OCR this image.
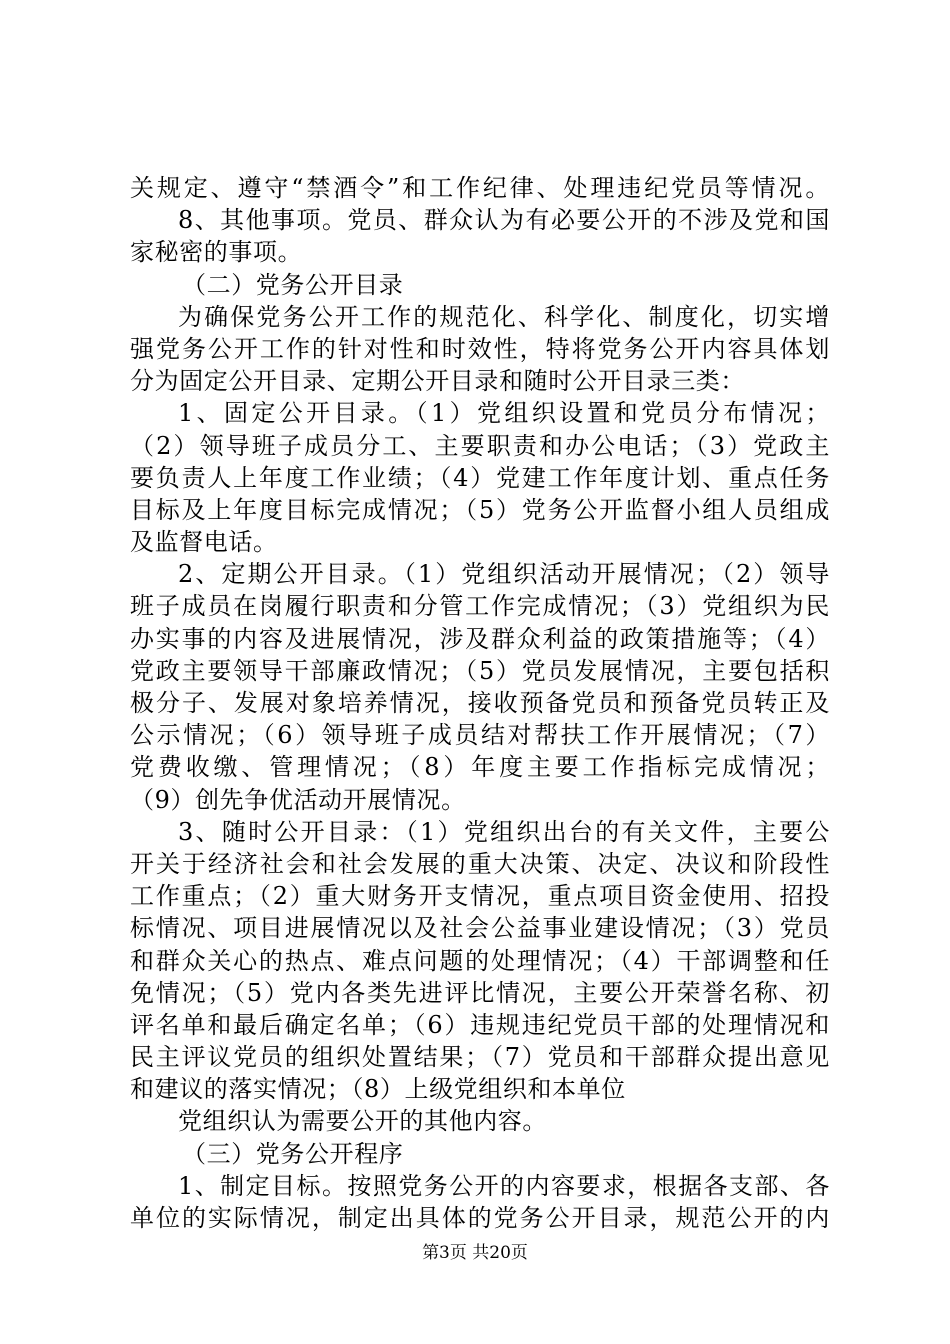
关规定、遵守“禁酒令”和工作纪律、处理违纪党员等情况。
8、其他事项。党员、群众认为有必要公开的不涉及党和国
家秘密的事项。
（二）党务公开目录
为确保党务公开工作的规范化、科学化、制度化，切实增
强党务公开工作的针对性和时效性，特将党务公开内容具体划
分为固定公开目录、定期公开目录和随时公开目录三类：
1、固定公开目录。（1）党组织设置和党员分布情况；
（2）领导班子成员分工、主要职责和办公电话；（3）党政主
要负责人上年度工作业绩；（4）党建工作年度计划、重点任务
目标及上年度目标完成情况；（5）党务公开监督小组人员组成
及监督电话。
2、定期公开目录。（1）党组织活动开展情况；（2）领导
班子成员在岗履行职责和分管工作完成情况；（3）党组织为民
办实事的内容及进展情况，涉及群众利益的政策措施等；（4）
党政主要领导干部廉政情况；（5）党员发展情况，主要包括积
极分子、发展对象培养情况，接收预备党员和预备党员转正及
公示情况；（6）领导班子成员结对帮扶工作开展情况；（7）
党费收缴、管理情况；（8）年度主要工作指标完成情况；
（9）创先争优活动开展情况。
3、随时公开目录：（1）党组织出台的有关文件，主要公
开关于经济社会和社会发展的重大决策、决定、决议和阶段性
工作重点；（2）重大财务开支情况，重点项目资金使用、招投
标情况、项目进展情况以及社会公益事业建设情况；（3）党员
和群众关心的热点、难点问题的处理情况；（4）干部调整和任
免情况；（5）党内各类先进评比情况，主要公开荣誉名称、初
评名单和最后确定名单；（6）违规违纪党员干部的处理情况和
民主评议党员的组织处置结果；（7）党员和干部群众提出意见
和建议的落实情况；（8）上级党组织和本单位
党组织认为需要公开的其他内容。
（三）党务公开程序
1、制定目标。按照党务公开的内容要求，根据各支部、各
单位的实际情况，制定出具体的党务公开目录，规范公开的内
第3页 共20页
